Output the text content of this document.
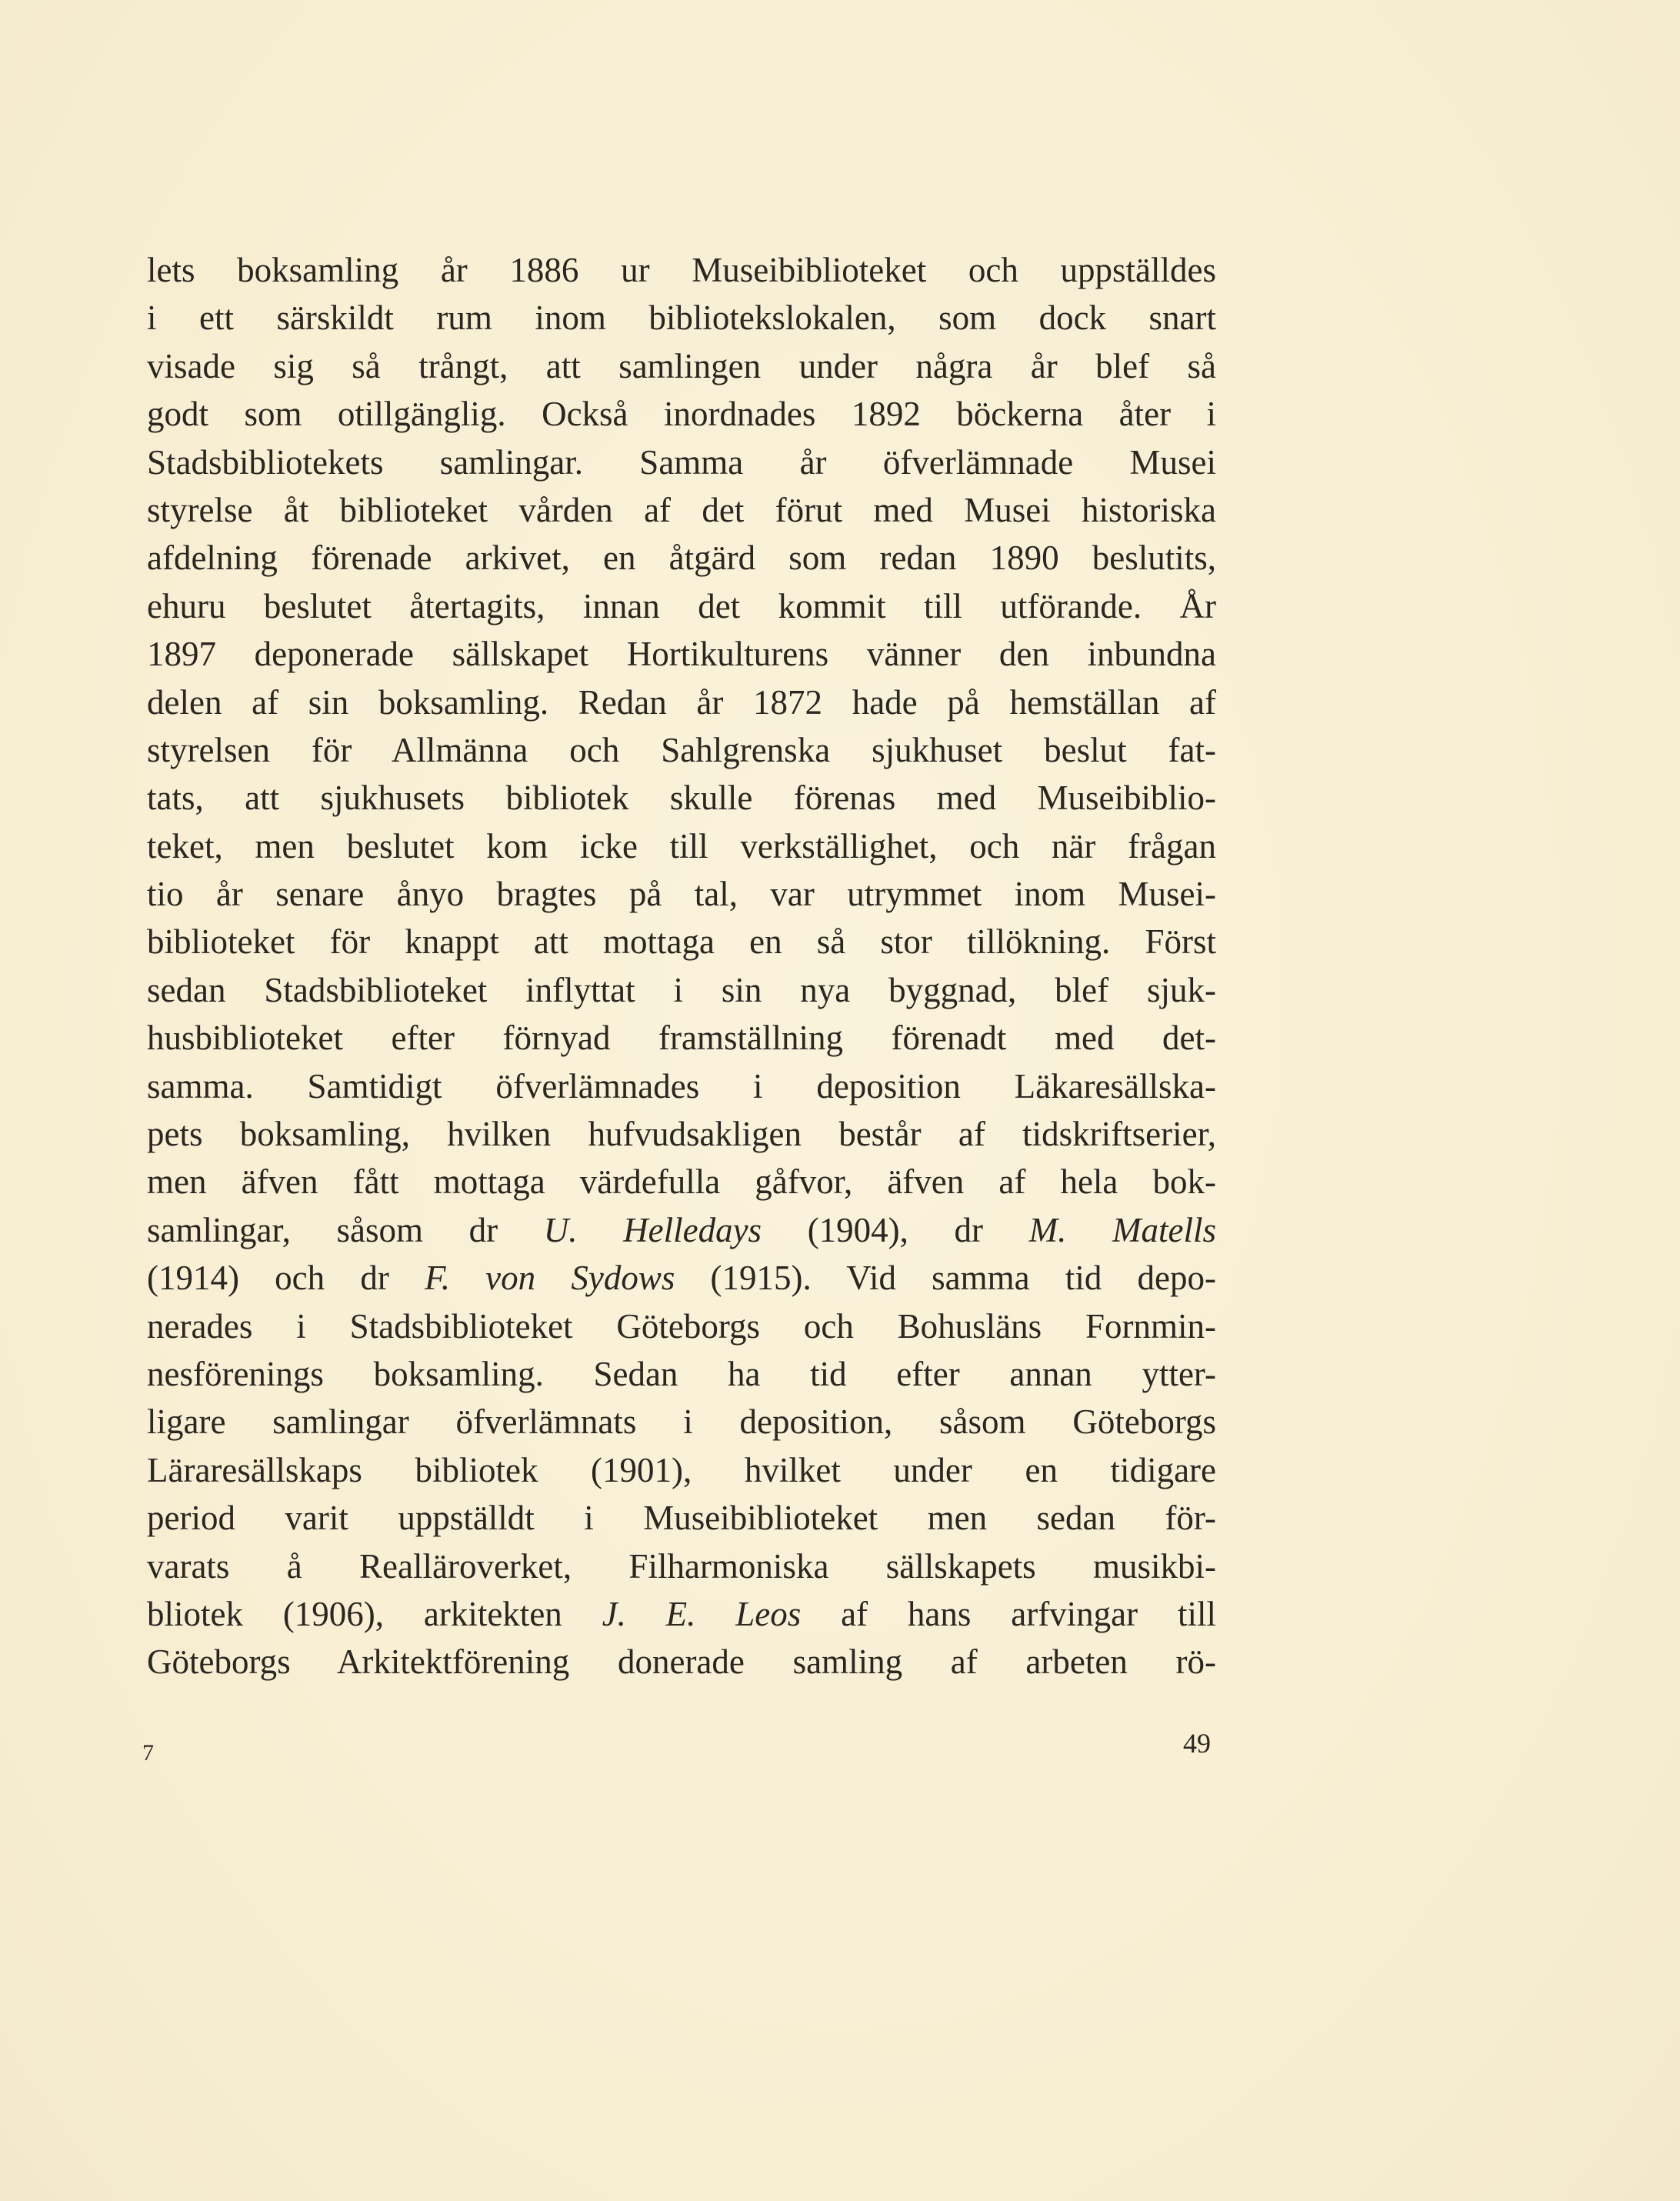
lets boksamling år 1886 ur Museibiblioteket och uppställdes
i ett särskildt rum inom bibliotekslokalen, som dock snart
visade sig så trångt, att samlingen under några år blef så
godt som otillgänglig. Också inordnades 1892 böckerna åter i
Stadsbibliotekets samlingar. Samma år öfverlämnade Musei
styrelse åt biblioteket vården af det förut med Musei historiska
afdelning förenade arkivet, en åtgärd som redan 1890 beslutits,
ehuru beslutet återtagits, innan det kommit till utförande. År
1897 deponerade sällskapet Hortikulturens vänner den inbundna
delen af sin boksamling. Redan år 1872 hade på hemställan af
styrelsen för Allmänna och Sahlgrenska sjukhuset beslut fat-
tats, att sjukhusets bibliotek skulle förenas med Museibiblio-
teket, men beslutet kom icke till verkställighet, och när frågan
tio år senare ånyo bragtes på tal, var utrymmet inom Musei-
biblioteket för knappt att mottaga en så stor tillökning. Först
sedan Stadsbiblioteket inflyttat i sin nya byggnad, blef sjuk-
husbiblioteket efter förnyad framställning förenadt med det-
samma. Samtidigt öfverlämnades i deposition Läkaresällska-
pets boksamling, hvilken hufvudsakligen består af tidskriftserier,
men äfven fått mottaga värdefulla gåfvor, äfven af hela bok-
samlingar, såsom dr U. Helledays (1904), dr M. Matells
(1914) och dr F. von Sydows (1915). Vid samma tid depo-
nerades i Stadsbiblioteket Göteborgs och Bohusläns Fornmin-
nesförenings boksamling. Sedan ha tid efter annan ytter-
ligare samlingar öfverlämnats i deposition, såsom Göteborgs
Läraresällskaps bibliotek (1901), hvilket under en tidigare
period varit uppställdt i Museibiblioteket men sedan för-
varats å Realläroverket, Filharmoniska sällskapets musikbi-
bliotek (1906), arkitekten J. E. Leos af hans arfvingar till
Göteborgs Arkitektförening donerade samling af arbeten rö-
7	49
